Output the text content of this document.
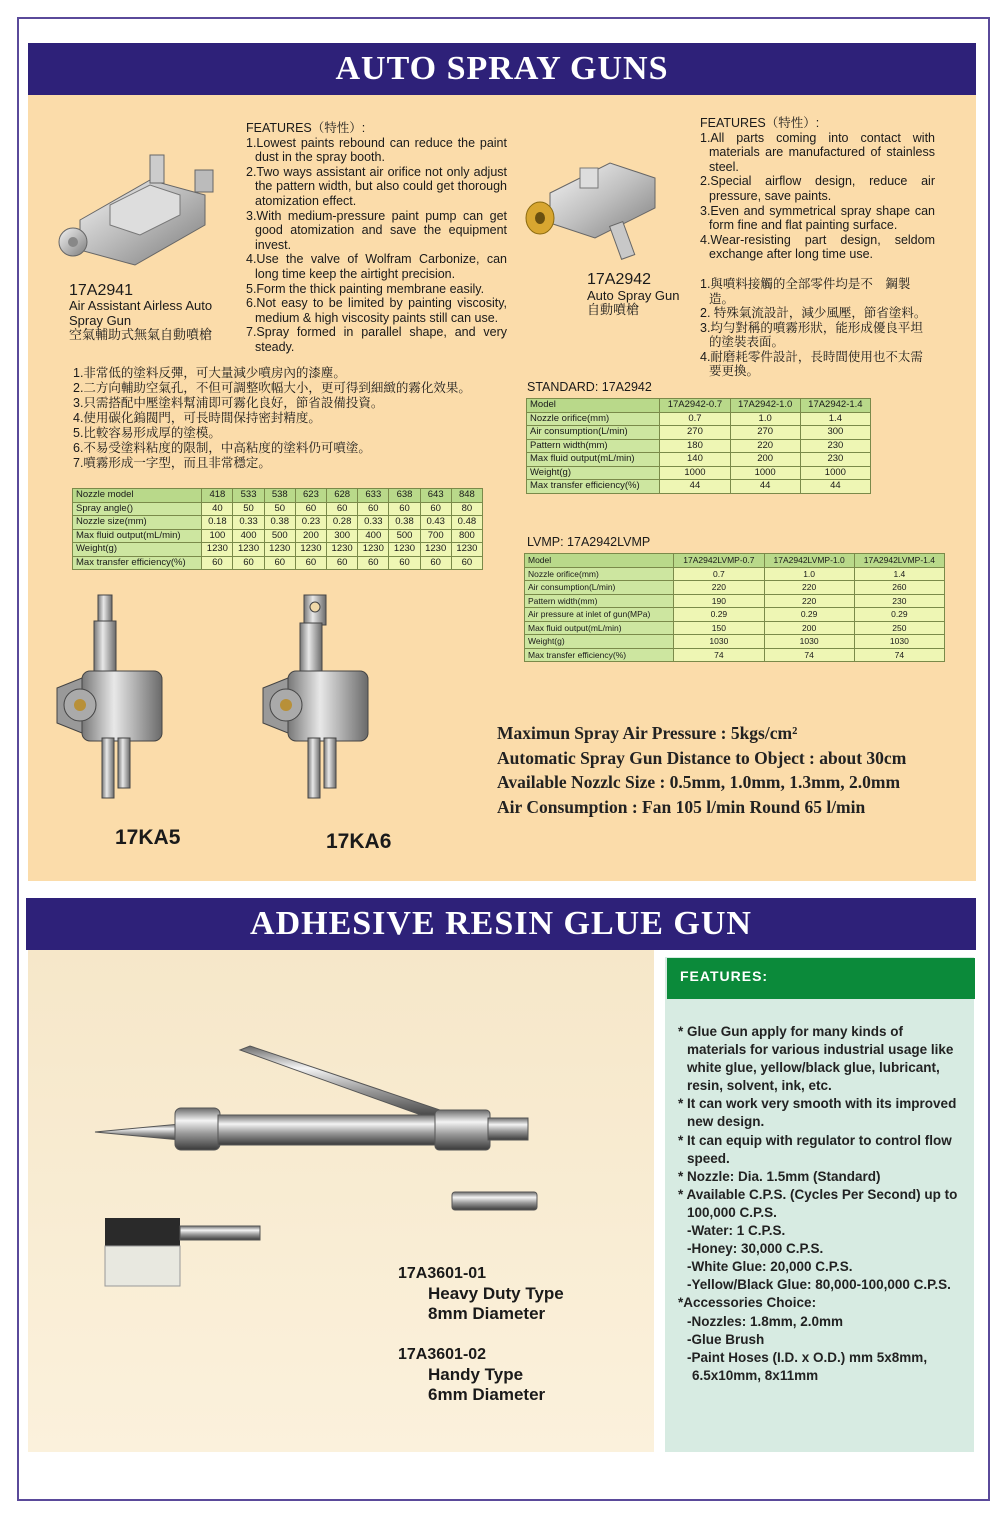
AUTO SPRAY GUNS
17A2941
Air Assistant Airless Auto Spray Gun
空氣輔助式無氣自動噴槍

FEATURES（特性）:

1.Lowest paints rebound can reduce the paint dust in the spray booth.

2.Two ways assistant air orifice not only adjust the pattern width, but also could get thorough atomization effect.

3.With medium-pressure paint pump can get good atomization and save the equipment invest.

4.Use the valve of Wolfram Carbonize, can long time keep the airtight precision.

5.Form the thick painting membrane easily.

6.Not easy to be limited by painting viscosity, medium & high viscosity paints still can use.

7.Spray formed in parallel shape, and very steady.

1.非常低的塗料反彈，可大量減少噴房內的漆塵。

2.二方向輔助空氣孔，不但可調整吹幅大小，更可得到細緻的霧化效果。

3.只需搭配中壓塗料幫浦即可霧化良好，節省設備投資。

4.使用碳化鎢閥門，可長時間保持密封精度。

5.比較容易形成厚的塗模。

6.不易受塗料粘度的限制，中高粘度的塗料仍可噴塗。

7.噴霧形成一字型，而且非常穩定。

Nozzle model	418	533	538	623	628	633	638	643	848
Spray angle()	40	50	50	60	60	60	60	60	80
Nozzle size(mm)	0.18	0.33	0.38	0.23	0.28	0.33	0.38	0.43	0.48
Max fluid output(mL/min)	100	400	500	200	300	400	500	700	800
Weight(g)	1230	1230	1230	1230	1230	1230	1230	1230	1230
Max transfer efficiency(%)	60	60	60	60	60	60	60	60	60
17A2942
Auto Spray Gun
自動噴槍

FEATURES（特性）:

1.All parts coming into contact with materials are manufactured of stainless steel.

2.Special airflow design, reduce air pressure, save paints.

3.Even and symmetrical spray shape can form fine and flat painting surface.

4.Wear-resisting part design, seldom exchange after long time use.

1.與噴料接觸的全部零件均是不　鋼製造。

2. 特殊氣流設計，減少風壓，節省塗料。

3.均勻對稱的噴霧形狀，能形成優良平坦的塗裝表面。

4.耐磨耗零件設計，長時間使用也不太需要更換。

STANDARD: 17A2942
Model	17A2942-0.7	17A2942-1.0	17A2942-1.4
Nozzle orifice(mm)	0.7	1.0	1.4
Air consumption(L/min)	270	270	300
Pattern width(mm)	180	220	230
Max fluid output(mL/min)	140	200	230
Weight(g)	1000	1000	1000
Max transfer efficiency(%)	44	44	44
LVMP: 17A2942LVMP
Model	17A2942LVMP-0.7	17A2942LVMP-1.0	17A2942LVMP-1.4
Nozzle orifice(mm)	0.7	1.0	1.4
Air consumption(L/min)	220	220	260
Pattern width(mm)	190	220	230
Air pressure at inlet of gun(MPa)	0.29	0.29	0.29
Max fluid output(mL/min)	150	200	250
Weight(g)	1030	1030	1030
Max transfer efficiency(%)	74	74	74
17KA5	17KA6
Maximun Spray Air Pressure : 5kgs/cm²
Automatic Spray Gun Distance to Object : about 30cm
Available Nozzlc Size : 0.5mm, 1.0mm, 1.3mm, 2.0mm
Air Consumption : Fan 105 l/min Round 65 l/min
ADHESIVE RESIN GLUE GUN
17A3601-01
Heavy Duty Type
8mm Diameter
17A3601-02
Handy Type
6mm Diameter
FEATURES:

* Glue Gun apply for many kinds of materials for various industrial usage like white glue, yellow/black glue, lubricant, resin, solvent, ink, etc.

* It can work very smooth with its improved new design.

* It can equip with regulator to control flow speed.

* Nozzle: Dia. 1.5mm (Standard)

* Available C.P.S. (Cycles Per Second) up to 100,000 C.P.S.

-Water: 1 C.P.S.

-Honey: 30,000 C.P.S.

-White Glue: 20,000 C.P.S.

-Yellow/Black Glue: 80,000-100,000 C.P.S.

*Accessories Choice:

-Nozzles: 1.8mm, 2.0mm

-Glue Brush

-Paint Hoses (I.D. x O.D.) mm 5x8mm, 6.5x10mm, 8x11mm
